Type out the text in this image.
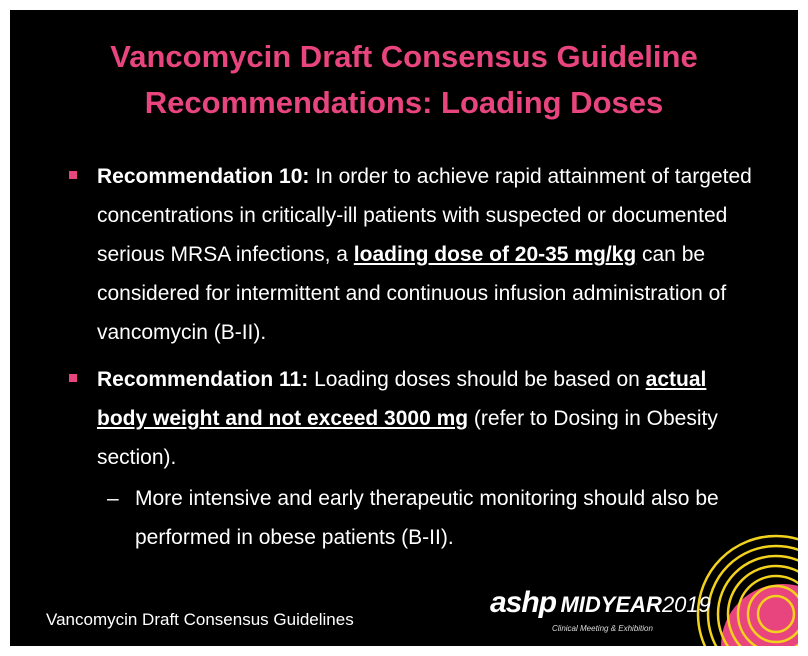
Vancomycin Draft Consensus Guideline
Recommendations: Loading Doses
Recommendation 10: In order to achieve rapid attainment of targeted concentrations in critically-ill patients with suspected or documented serious MRSA infections, a loading dose of 20-35 mg/kg can be considered for intermittent and continuous infusion administration of vancomycin (B-II).
Recommendation 11: Loading doses should be based on actual body weight and not exceed 3000 mg (refer to Dosing in Obesity section).
– More intensive and early therapeutic monitoring should also be performed in obese patients (B-II).
Vancomycin Draft Consensus Guidelines
ashp MIDYEAR2019
Clinical Meeting & Exhibition
